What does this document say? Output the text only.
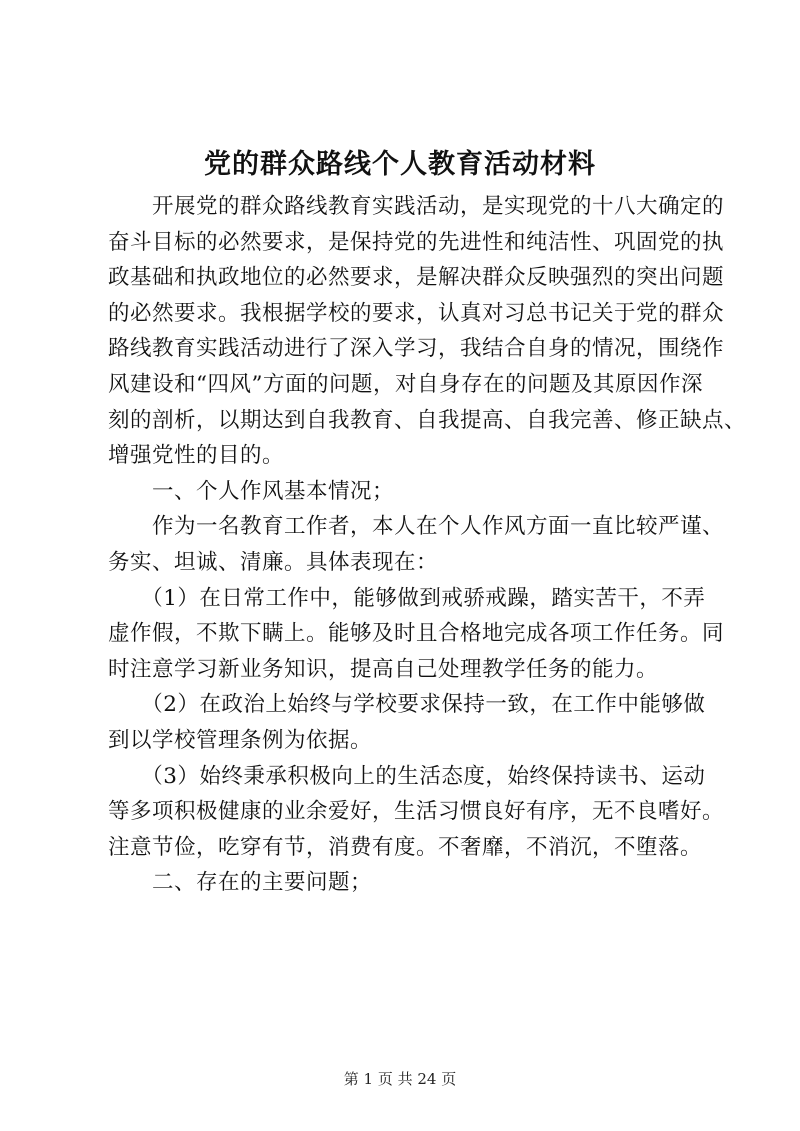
党的群众路线个人教育活动材料

　　开展党的群众路线教育实践活动，是实现党的十八大确定的

奋斗目标的必然要求，是保持党的先进性和纯洁性、巩固党的执

政基础和执政地位的必然要求，是解决群众反映强烈的突出问题

的必然要求。我根据学校的要求，认真对习总书记关于党的群众

路线教育实践活动进行了深入学习，我结合自身的情况，围绕作

风建设和“四风”方面的问题，对自身存在的问题及其原因作深

刻的剖析，以期达到自我教育、自我提高、自我完善、修正缺点、

增强党性的目的。

　　一、个人作风基本情况；

　　作为一名教育工作者，本人在个人作风方面一直比较严谨、

务实、坦诚、清廉。具体表现在：

　　（1）在日常工作中，能够做到戒骄戒躁，踏实苦干，不弄

虚作假，不欺下瞒上。能够及时且合格地完成各项工作任务。同

时注意学习新业务知识，提高自己处理教学任务的能力。

　　（2）在政治上始终与学校要求保持一致，在工作中能够做

到以学校管理条例为依据。

　　（3）始终秉承积极向上的生活态度，始终保持读书、运动

等多项积极健康的业余爱好，生活习惯良好有序，无不良嗜好。

注意节俭，吃穿有节，消费有度。不奢靡，不消沉，不堕落。

　　二、存在的主要问题；

第 1 页 共 24 页
